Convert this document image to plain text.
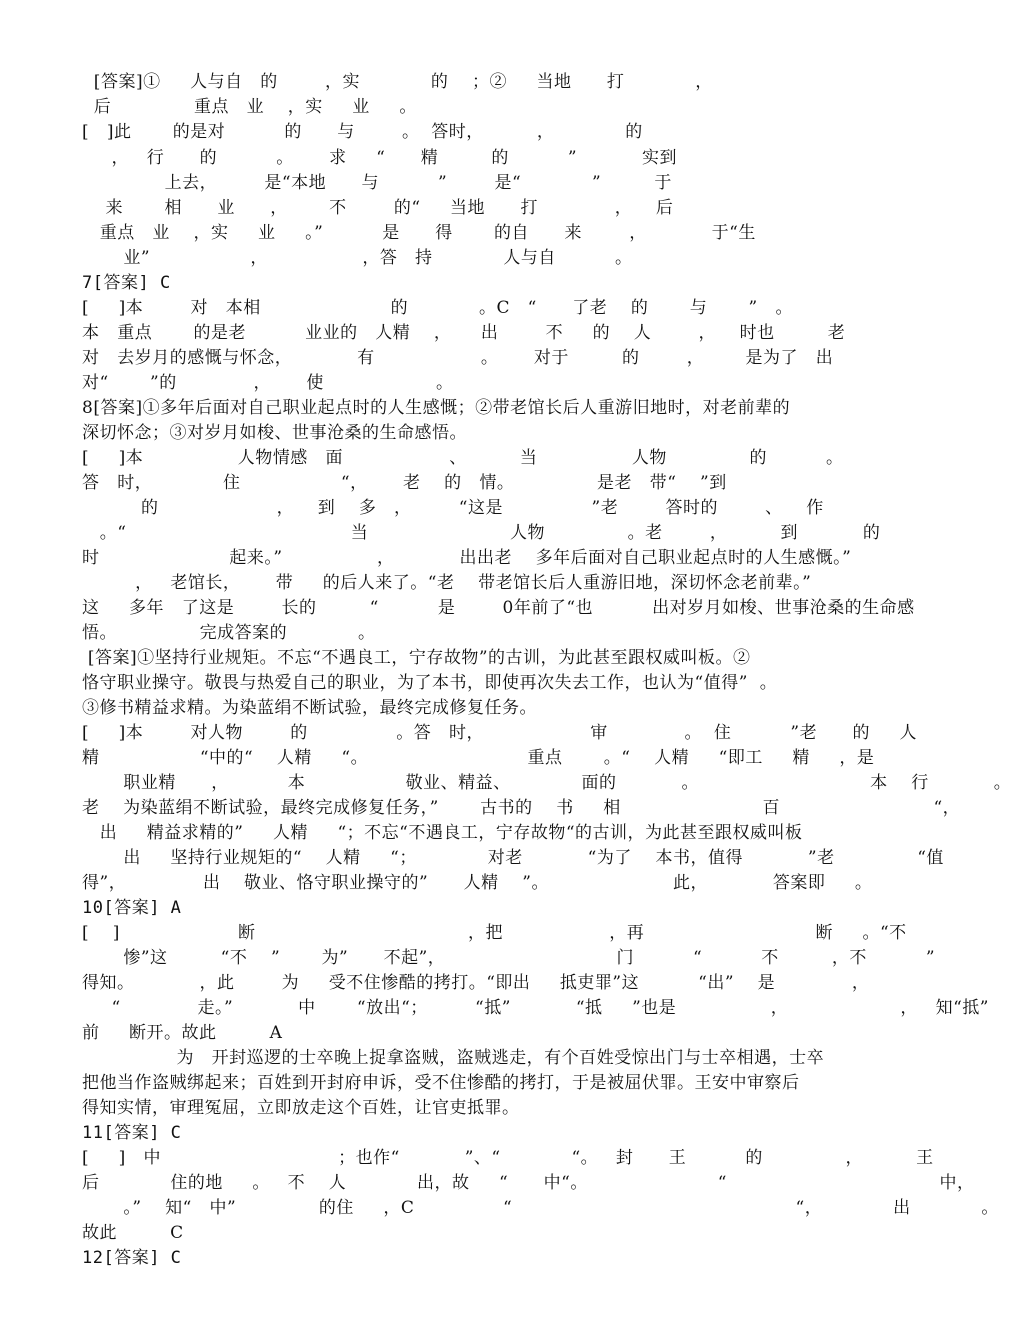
[答案]①     人与自   的        ，实            的    ；②     当地      打            ，
后              重点   业    ，实     业     。
[   ]此       的是对          的      与        。  答时，         ，            的
，   行      的          。      求     “      精         的          ”           实到
上去，        是“本地      与          ”        是“            ”         于
来       相      业      ，       不        的“     当地      打             ，    后
重点   业    ，实     业     。”          是      得       的自      来        ，           于“生
业”                 ，                ，答   持            人与自          。
7[答案] C
[     ]本        对   本相                      的            。C   “      了老    的       与       ”   。
本   重点       的是老          业业的   人精    ，     出        不     的    人        ，    时也         老
对   去岁月的感慨与怀念，           有                  。      对于         的        ，       是为了   出
对“       ”的             ，      使                   。
8[答案]①多年后面对自己职业起点时的人生感慨；②带老馆长后人重游旧地时，对老前辈的
深切怀念；③对岁月如梭、世事沧桑的生命感悟。
[     ]本                人物情感   面                  、         当                人物              的          。
答   时，            住                 “，      老    的   情。              是老   带“    ”到
的                    ，    到    多   ，        “这是               ”老        答时的        、    作
。“                                      当                        人物              。老        ，         到           的
时                      起来。”                ，           出出老    多年后面对自己职业起点时的人生感慨。”
，   老馆长，      带     的后人来了。“老    带老馆长后人重游旧地，深切怀念老前辈。”
这     多年   了这是        长的         “          是        0年前了“也          出对岁月如梭、世事沧桑的生命感
悟。              完成答案的            。
[答案]①坚持行业规矩。不忘“不遇良工，宁存故物”的古训，为此甚至跟权威叫板。②
恪守职业操守。敬畏与热爱自己的职业，为了本书，即使再次失去工作，也认为“值得”  。
③修书精益求精。为染蓝绢不断试验，最终完成修复任务。
[     ]本        对人物        的               。答   时，                  审             。  住          ”老      的     人
精                 “中的“    人精     “。                           重点       。“    人精     “即工     精     ，是
职业精      ，          本                 敬业、精益、            面的           。                             本    行           。
老    为染蓝绢不断试验，最终完成修复任务，”       古书的    书     相                        百                          “，
出     精益求精的”     人精     “；不忘“不遇良工，宁存故物“的古训，为此甚至跟权威叫板
出     坚持行业规矩的“    人精     “；            对老           “为了    本书，值得           ”老              “值
得”，             出    敬业、恪守职业操守的”      人精    ”。                     此，           答案即     。
10[答案] A
[    ]                    断                                    ，把                  ，再                             断     。“不
惨”这         “不    ”       为”      不起”，                             门          “          不         ，不          ”
得知。           ，此        为     受不住惨酷的拷打。“即出     抵吏罪”这          “出”    是             ，
“             走。”           中       “放出“；        “抵”           “抵     ”也是                ，                   ，   知“抵”
前     断开。故此         A
为   开封巡逻的士卒晚上捉拿盗贼，盗贼逃走，有个百姓受惊出门与士卒相遇，士卒
把他当作盗贼绑起来；百姓到开封府申诉，受不住惨酷的拷打，于是被屈伏罪。王安中审察后
得知实情，审理冤屈，立即放走这个百姓，让官吏抵罪。
11[答案] C
[     ]   中                              ；也作“           ”、“            “。   封      王          的              ，         王
后            住的地     。   不    人            出，故     “      中“。                      “                                    中，
。”    知“   中”              的住     ，C               “                                                “，            出            。
故此         C
12[答案] C
